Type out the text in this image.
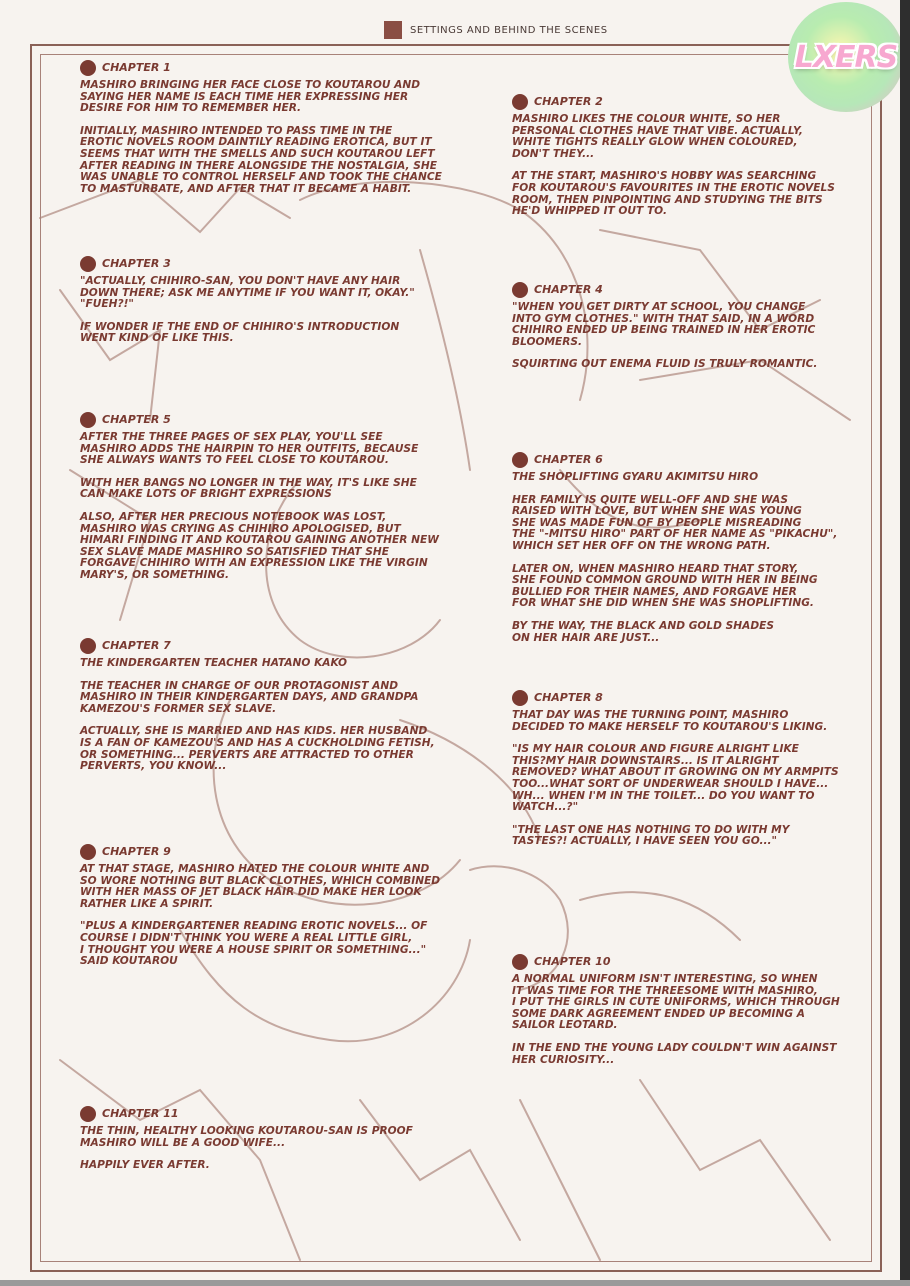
SETTINGS AND BEHIND THE SCENES
LXERS
CHAPTER 1
MASHIRO BRINGING HER FACE CLOSE TO KOUTAROU AND
SAYING HER NAME IS EACH TIME HER EXPRESSING HER
DESIRE FOR HIM TO REMEMBER HER.
INITIALLY, MASHIRO INTENDED TO PASS TIME IN THE
EROTIC NOVELS ROOM DAINTILY READING EROTICA, BUT IT
SEEMS THAT WITH THE SMELLS AND SUCH KOUTAROU LEFT
AFTER READING IN THERE ALONGSIDE THE NOSTALGIA, SHE
WAS UNABLE TO CONTROL HERSELF AND TOOK THE CHANCE
TO MASTURBATE, AND AFTER THAT IT BECAME A HABIT.
CHAPTER 2
MASHIRO LIKES THE COLOUR WHITE, SO HER
PERSONAL CLOTHES HAVE THAT VIBE. ACTUALLY,
WHITE TIGHTS REALLY GLOW WHEN COLOURED,
DON'T THEY...
AT THE START, MASHIRO'S HOBBY WAS SEARCHING
FOR KOUTAROU'S FAVOURITES IN THE EROTIC NOVELS
ROOM, THEN PINPOINTING AND STUDYING THE BITS
HE'D WHIPPED IT OUT TO.
CHAPTER 3
"ACTUALLY, CHIHIRO-SAN, YOU DON'T HAVE ANY HAIR
DOWN THERE; ASK ME ANYTIME IF YOU WANT IT, OKAY."
"FUEH?!"
IF WONDER IF THE END OF CHIHIRO'S INTRODUCTION
WENT KIND OF LIKE THIS.
CHAPTER 4
"WHEN YOU GET DIRTY AT SCHOOL, YOU CHANGE
INTO GYM CLOTHES." WITH THAT SAID, IN A WORD
CHIHIRO ENDED UP BEING TRAINED IN HER EROTIC
BLOOMERS.
SQUIRTING OUT ENEMA FLUID IS TRULY ROMANTIC.
CHAPTER 5
AFTER THE THREE PAGES OF SEX PLAY, YOU'LL SEE
MASHIRO ADDS THE HAIRPIN TO HER OUTFITS, BECAUSE
SHE ALWAYS WANTS TO FEEL CLOSE TO KOUTAROU.
WITH HER BANGS NO LONGER IN THE WAY, IT'S LIKE SHE
CAN MAKE LOTS OF BRIGHT EXPRESSIONS
ALSO, AFTER HER PRECIOUS NOTEBOOK WAS LOST,
MASHIRO WAS CRYING AS CHIHIRO APOLOGISED, BUT
HIMARI FINDING IT AND KOUTAROU GAINING ANOTHER NEW
SEX SLAVE MADE MASHIRO SO SATISFIED THAT SHE
FORGAVE CHIHIRO WITH AN EXPRESSION LIKE THE VIRGIN
MARY'S, OR SOMETHING.
CHAPTER 6
THE SHOPLIFTING GYARU AKIMITSU HIRO
HER FAMILY IS QUITE WELL-OFF AND SHE WAS
RAISED WITH LOVE, BUT WHEN SHE WAS YOUNG
SHE WAS MADE FUN OF BY PEOPLE MISREADING
THE "-MITSU HIRO" PART OF HER NAME AS "PIKACHU",
WHICH SET HER OFF ON THE WRONG PATH.
LATER ON, WHEN MASHIRO HEARD THAT STORY,
SHE FOUND COMMON GROUND WITH HER IN BEING
BULLIED FOR THEIR NAMES, AND FORGAVE HER
FOR WHAT SHE DID WHEN SHE WAS SHOPLIFTING.
BY THE WAY, THE BLACK AND GOLD SHADES
ON HER HAIR ARE JUST...
CHAPTER 7
THE KINDERGARTEN TEACHER HATANO KAKO
THE TEACHER IN CHARGE OF OUR PROTAGONIST AND
MASHIRO IN THEIR KINDERGARTEN DAYS, AND GRANDPA
KAMEZOU'S FORMER SEX SLAVE.
ACTUALLY, SHE IS MARRIED AND HAS KIDS. HER HUSBAND
IS A FAN OF KAMEZOU'S AND HAS A CUCKHOLDING FETISH,
OR SOMETHING... PERVERTS ARE ATTRACTED TO OTHER
PERVERTS, YOU KNOW...
CHAPTER 8
THAT DAY WAS THE TURNING POINT, MASHIRO
DECIDED TO MAKE HERSELF TO KOUTAROU'S LIKING.
"IS MY HAIR COLOUR AND FIGURE ALRIGHT LIKE
THIS?MY HAIR DOWNSTAIRS... IS IT ALRIGHT
REMOVED? WHAT ABOUT IT GROWING ON MY ARMPITS
TOO...WHAT SORT OF UNDERWEAR SHOULD I HAVE...
WH... WHEN I'M IN THE TOILET... DO YOU WANT TO
WATCH...?"
"THE LAST ONE HAS NOTHING TO DO WITH MY
TASTES?! ACTUALLY, I HAVE SEEN YOU GO..."
CHAPTER 9
AT THAT STAGE, MASHIRO HATED THE COLOUR WHITE AND
SO WORE NOTHING BUT BLACK CLOTHES, WHICH COMBINED
WITH HER MASS OF JET BLACK HAIR DID MAKE HER LOOK
RATHER LIKE A SPIRIT.
"PLUS A KINDERGARTENER READING EROTIC NOVELS... OF
COURSE I DIDN'T THINK YOU WERE A REAL LITTLE GIRL,
I THOUGHT YOU WERE A HOUSE SPIRIT OR SOMETHING..."
SAID KOUTAROU	CHAPTER 10
A NORMAL UNIFORM ISN'T INTERESTING, SO WHEN
IT WAS TIME FOR THE THREESOME WITH MASHIRO,
I PUT THE GIRLS IN CUTE UNIFORMS, WHICH THROUGH
SOME DARK AGREEMENT ENDED UP BECOMING A
SAILOR LEOTARD.
IN THE END THE YOUNG LADY COULDN'T WIN AGAINST
HER CURIOSITY...
CHAPTER 11
THE THIN, HEALTHY LOOKING KOUTAROU-SAN IS PROOF
MASHIRO WILL BE A GOOD WIFE...
HAPPILY EVER AFTER.
